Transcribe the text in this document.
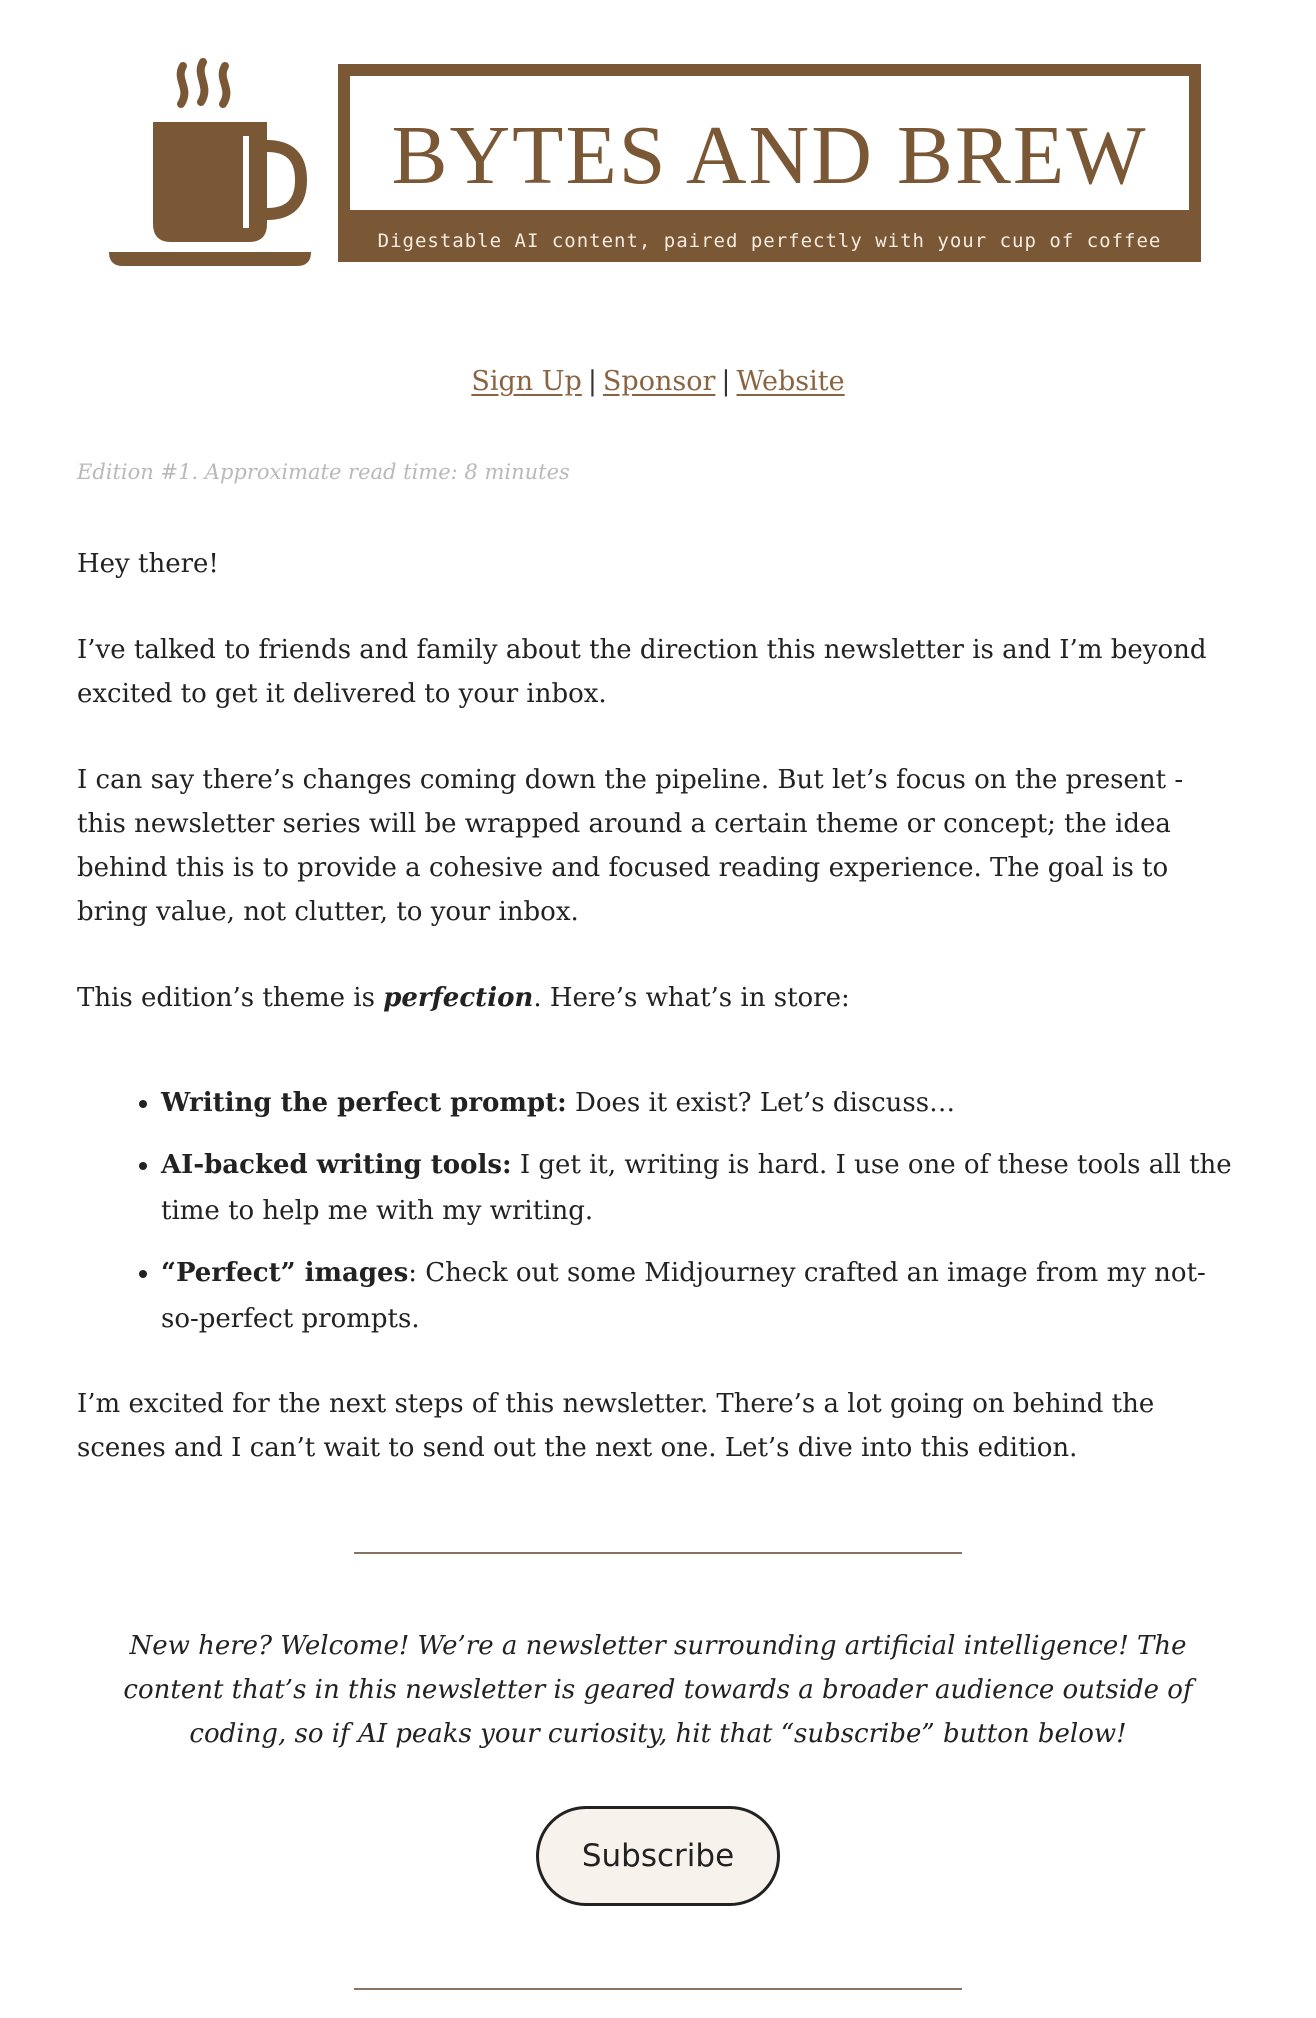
BYTES AND BREW
Digestable AI content, paired perfectly with your cup of coffee
Sign Up | Sponsor | Website
Edition #1. Approximate read time: 8 minutes

Hey there!

I’ve talked to friends and family about the direction this newsletter is and I’m beyond excited to get it delivered to your inbox.

I can say there’s changes coming down the pipeline. But let’s focus on the present - this newsletter series will be wrapped around a certain theme or concept; the idea behind this is to provide a cohesive and focused reading experience. The goal is to bring value, not clutter, to your inbox.

This edition’s theme is perfection. Here’s what’s in store:

• Writing the perfect prompt: Does it exist? Let’s discuss…
• AI-backed writing tools: I get it, writing is hard. I use one of these tools all the time to help me with my writing.
• “Perfect” images: Check out some Midjourney crafted an image from my not-so-perfect prompts.

I’m excited for the next steps of this newsletter. There’s a lot going on behind the scenes and I can’t wait to send out the next one. Let’s dive into this edition.

New here? Welcome! We’re a newsletter surrounding artificial intelligence! The content that’s in this newsletter is geared towards a broader audience outside of coding, so if AI peaks your curiosity, hit that “subscribe” button below!
Subscribe
